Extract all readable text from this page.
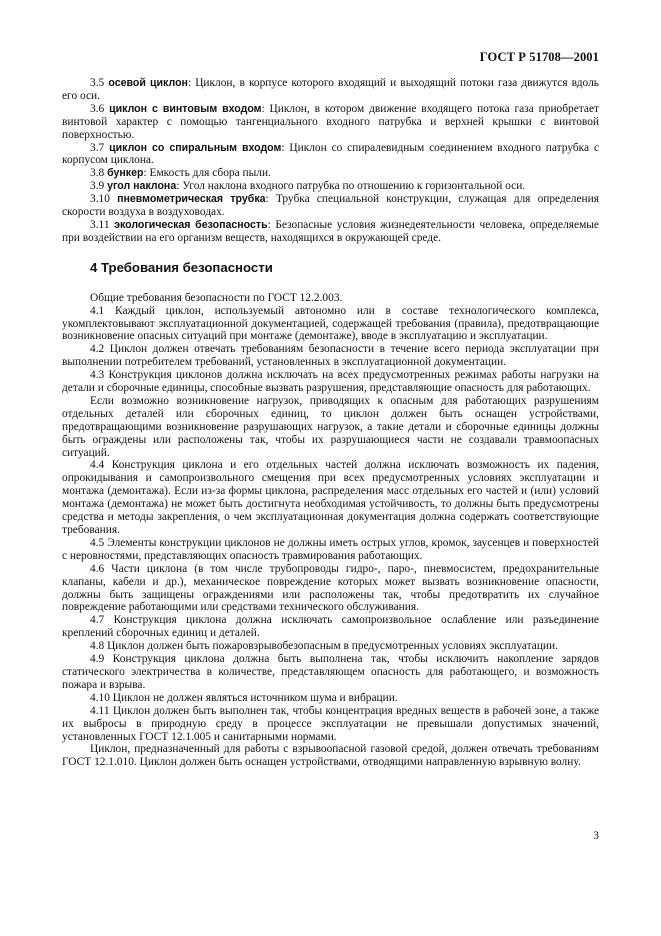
ГОСТ Р 51708—2001

3.5 осевой циклон: Циклон, в корпусе которого входящий и выходящий потоки газа движутся вдоль его оси.

3.6 циклон с винтовым входом: Циклон, в котором движение входящего потока газа приобретает винтовой характер с помощью тангенциального входного патрубка и верхней крышки с винтовой поверхностью.

3.7 циклон со спиральным входом: Циклон со спиралевидным соединением входного патрубка с корпусом циклона.

3.8 бункер: Емкость для сбора пыли.

3.9 угол наклона: Угол наклона входного патрубка по отношению к горизонтальной оси.

3.10 пневмометрическая трубка: Трубка специальной конструкции, служащая для определения скорости воздуха в воздуховодах.

3.11 экологическая безопасность: Безопасные условия жизнедеятельности человека, определяемые при воздействии на его организм веществ, находящихся в окружающей среде.

4 Требования безопасности

Общие требования безопасности по ГОСТ 12.2.003.

4.1 Каждый циклон, используемый автономно или в составе технологического комплекса, укомплектовывают эксплуатационной документацией, содержащей требования (правила), предотвращающие возникновение опасных ситуаций при монтаже (демонтаже), вводе в эксплуатацию и эксплуатации.

4.2 Циклон должен отвечать требованиям безопасности в течение всего периода эксплуатации при выполнении потребителем требований, установленных в эксплуатационной документации.

4.3 Конструкция циклонов должна исключать на всех предусмотренных режимах работы нагрузки на детали и сборочные единицы, способные вызвать разрушения, представляющие опасность для работающих.

Если возможно возникновение нагрузок, приводящих к опасным для работающих разрушениям отдельных деталей или сборочных единиц, то циклон должен быть оснащен устройствами, предотвращающими возникновение разрушающих нагрузок, а такие детали и сборочные единицы должны быть ограждены или расположены так, чтобы их разрушающиеся части не создавали травмоопасных ситуаций.

4.4 Конструкция циклона и его отдельных частей должна исключать возможность их падения, опрокидывания и самопроизвольного смещения при всех предусмотренных условиях эксплуатации и монтажа (демонтажа). Если из-за формы циклона, распределения масс отдельных его частей и (или) условий монтажа (демонтажа) не может быть достигнута необходимая устойчивость, то должны быть предусмотрены средства и методы закрепления, о чем эксплуатационная документация должна содержать соответствующие требования.

4.5 Элементы конструкции циклонов не должны иметь острых углов, кромок, заусенцев и поверхностей с неровностями, представляющих опасность травмирования работающих.

4.6 Части циклона (в том числе трубопроводы гидро-, паро-, пневмосистем, предохранительные клапаны, кабели и др.), механическое повреждение которых может вызвать возникновение опасности, должны быть защищены ограждениями или расположены так, чтобы предотвратить их случайное повреждение работающими или средствами технического обслуживания.

4.7 Конструкция циклона должна исключать самопроизвольное ослабление или разъединение креплений сборочных единиц и деталей.

4.8 Циклон должен быть пожаровзрывобезопасным в предусмотренных условиях эксплуатации.

4.9 Конструкция циклона должна быть выполнена так, чтобы исключить накопление зарядов статического электричества в количестве, представляющем опасность для работающего, и возможность пожара и взрыва.

4.10 Циклон не должен являться источником шума и вибрации.

4.11 Циклон должен быть выполнен так, чтобы концентрация вредных веществ в рабочей зоне, а также их выбросы в природную среду в процессе эксплуатации не превышали допустимых значений, установленных ГОСТ 12.1.005 и санитарными нормами.

Циклон, предназначенный для работы с взрывоопасной газовой средой, должен отвечать требованиям ГОСТ 12.1.010. Циклон должен быть оснащен устройствами, отводящими направленную взрывную волну.

3
